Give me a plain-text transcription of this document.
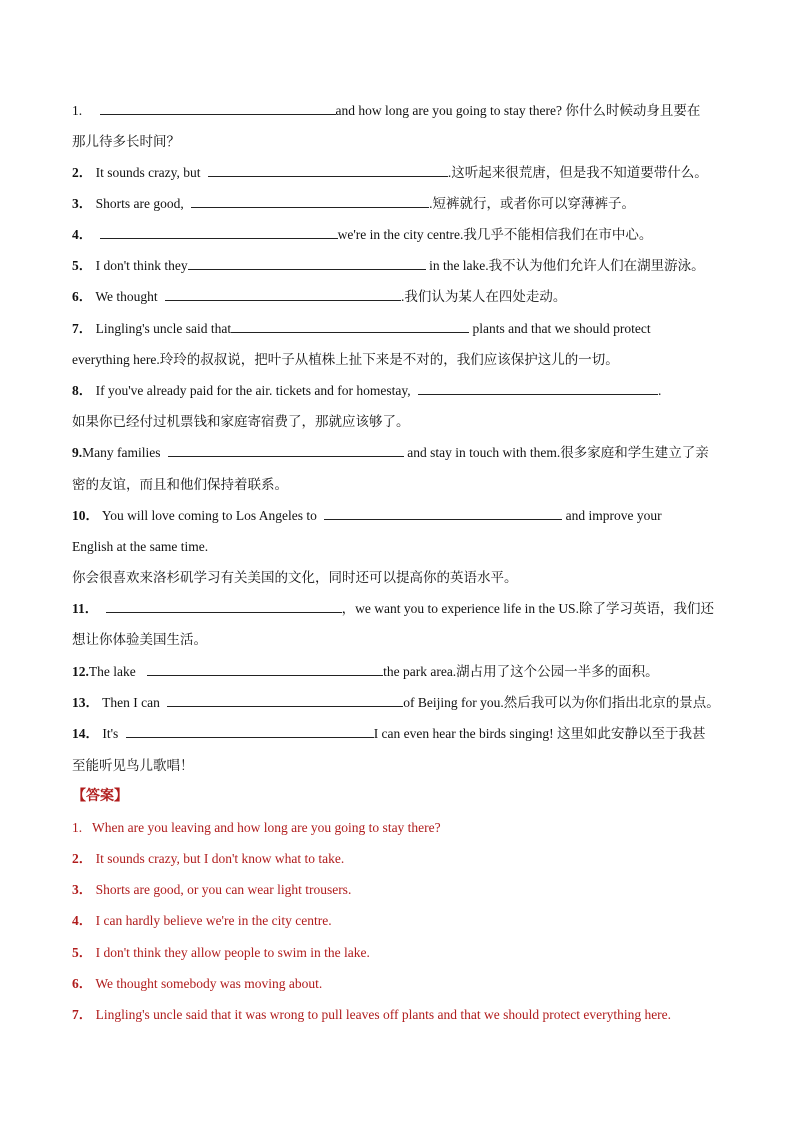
1.	and how long are you going to stay there? 你什么时候动身且要在
那儿待多长时间？
2． It sounds crazy, but	.这听起来很荒唐，但是我不知道要带什么。
3． Shorts are good,	.短裤就行，或者你可以穿薄裤子。
4．	we're in the city centre.我几乎不能相信我们在市中心。
5． I don't think they	in the lake.我不认为他们允许人们在湖里游泳。
6． We thought	.我们认为某人在四处走动。
7． Lingling's uncle said that	plants and that we should protect
everything here.玲玲的叔叔说，把叶子从植株上扯下来是不对的，我们应该保护这儿的一切。
8． If you've already paid for the air. tickets and for homestay,	.
如果你已经付过机票钱和家庭寄宿费了，那就应该够了。
9.Many families	and stay in touch with them.很多家庭和学生建立了亲
密的友谊，而且和他们保持着联系。
10． You will love coming to Los Angeles to	and improve your
English at the same time.
你会很喜欢来洛杉矶学习有关美国的文化，同时还可以提高你的英语水平。
11．	，we want you to experience life in the US.除了学习英语，我们还
想让你体验美国生活。
12.The lake	the park area.湖占用了这个公园一半多的面积。
13． Then I can	of Beijing for you.然后我可以为你们指出北京的景点。
14． It's	I can even hear the birds singing! 这里如此安静以至于我甚
至能听见鸟儿歌唱！
【答案】
1. When are you leaving and how long are you going to stay there?
2． It sounds crazy, but I don't know what to take.
3． Shorts are good, or you can wear light trousers.
4． I can hardly believe we're in the city centre.
5． I don't think they allow people to swim in the lake.
6． We thought somebody was moving about.
7． Lingling's uncle said that it was wrong to pull leaves off plants and that we should protect everything here.
